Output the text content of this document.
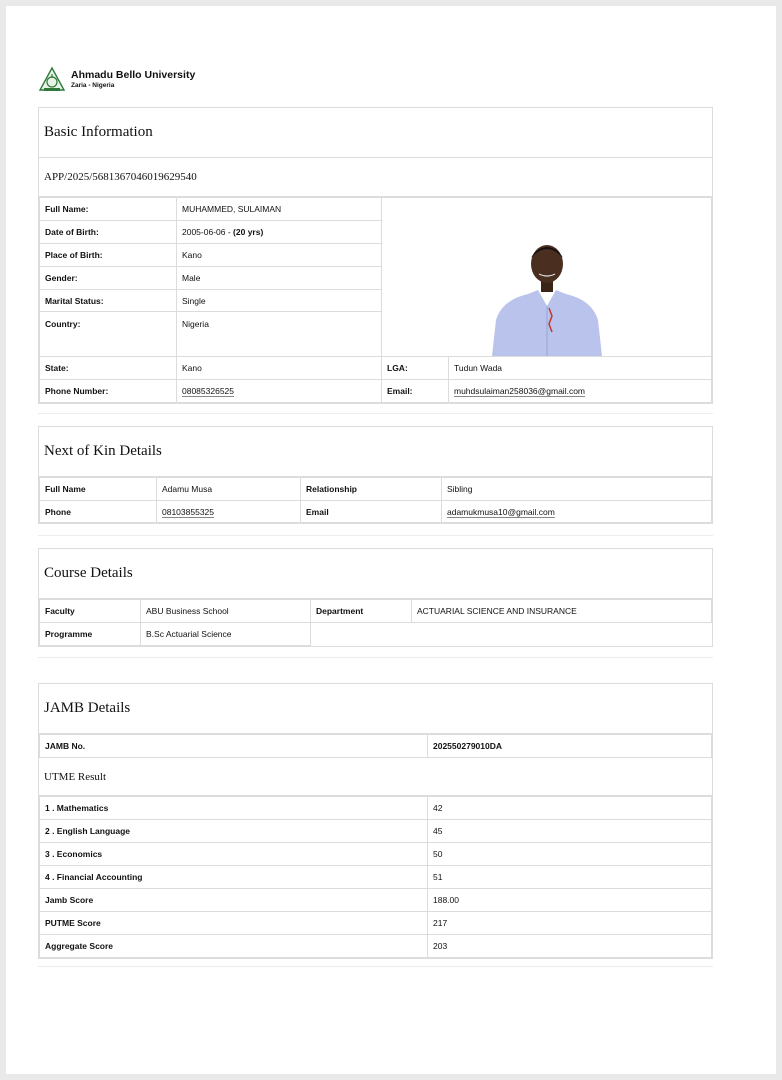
Ahmadu Bello University
Zaria - Nigeria
Basic Information
APP/2025/5681367046019629540
Full Name:	MUHAMMED, SULAIMAN	

Date of Birth:	2005-06-06 - (20 yrs)		
Place of Birth:	Kano		
Gender:	Male		
Marital Status:	Single		
Country:	Nigeria		
State:	Kano	LGA:	Tudun Wada
Phone Number:	08085326525	Email:	muhdsulaiman258036@gmail.com
Next of Kin Details
Full Name	Adamu Musa	Relationship	Sibling
Phone	08103855325	Email	adamukmusa10@gmail.com
Course Details
Faculty	ABU Business School	Department	ACTUARIAL SCIENCE AND INSURANCE
Programme	B.Sc Actuarial Science		
JAMB Details
JAMB No.	202550279010DA
UTME Result
1 . Mathematics	42
2 . English Language	45
3 . Economics	50
4 . Financial Accounting	51
Jamb Score	188.00
PUTME Score	217
Aggregate Score	203
